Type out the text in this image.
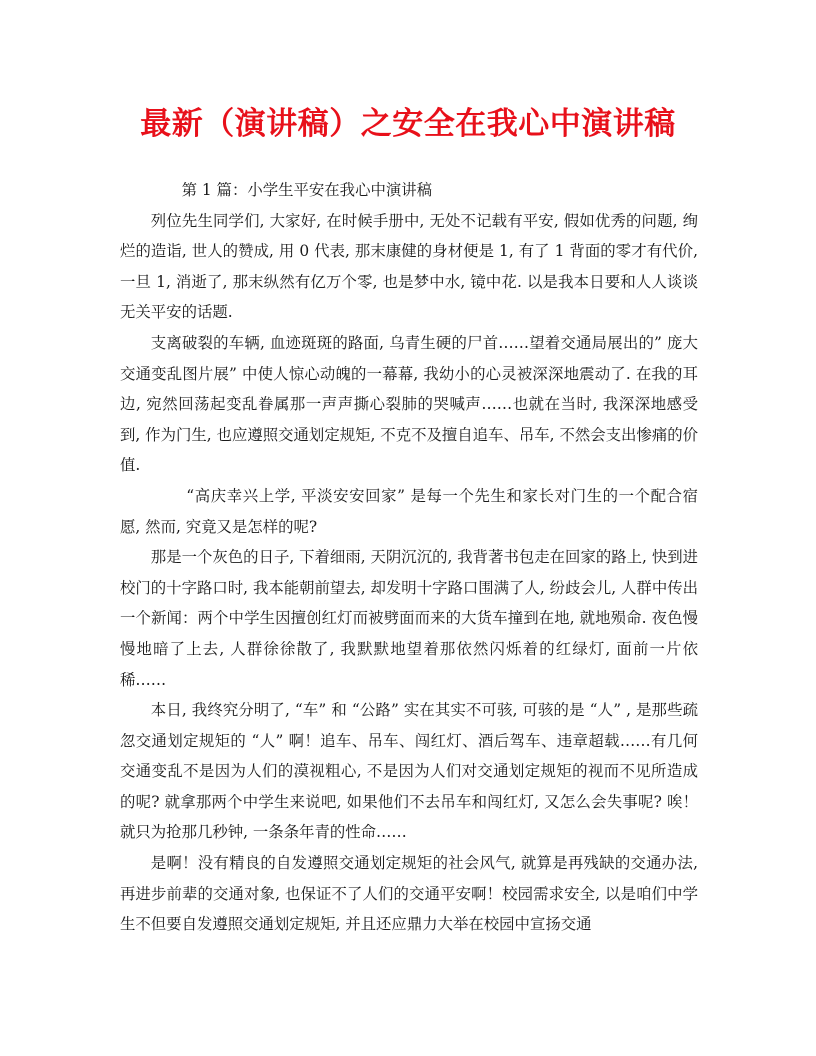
最新（演讲稿）之安全在我心中演讲稿

第 1 篇：小学生平安在我心中演讲稿

列位先生同学们, 大家好, 在时候手册中, 无处不记载有平安, 假如优秀的问题, 绚烂的造诣, 世人的赞成, 用 0 代表, 那末康健的身材便是 1, 有了 1 背面的零才有代价, 一旦 1, 消逝了, 那末纵然有亿万个零, 也是梦中水, 镜中花. 以是我本日要和人人谈谈无关平安的话题.

支离破裂的车辆, 血迹斑斑的路面, 乌青生硬的尸首……望着交通局展出的” 庞大交通变乱图片展” 中使人惊心动魄的一幕幕, 我幼小的心灵被深深地震动了. 在我的耳边, 宛然回荡起变乱眷属那一声声撕心裂肺的哭喊声……也就在当时, 我深深地感受到, 作为门生, 也应遵照交通划定规矩, 不克不及擅自追车、吊车, 不然会支出惨痛的价值.

“高庆幸兴上学, 平淡安安回家” 是每一个先生和家长对门生的一个配合宿愿, 然而, 究竟又是怎样的呢?

那是一个灰色的日子, 下着细雨, 天阴沉沉的, 我背著书包走在回家的路上, 快到进校门的十字路口时, 我本能朝前望去, 却发明十字路口围满了人, 纷歧会儿, 人群中传出一个新闻：两个中学生因擅创红灯而被劈面而来的大货车撞到在地, 就地殒命. 夜色慢慢地暗了上去, 人群徐徐散了, 我默默地望着那依然闪烁着的红绿灯, 面前一片依稀……

本日, 我终究分明了, “车” 和 “公路” 实在其实不可骇, 可骇的是 “人” , 是那些疏忽交通划定规矩的 “人” 啊！追车、吊车、闯红灯、酒后驾车、违章超载……有几何交通变乱不是因为人们的漠视粗心, 不是因为人们对交通划定规矩的视而不见所造成的呢? 就拿那两个中学生来说吧, 如果他们不去吊车和闯红灯, 又怎么会失事呢? 唉！就只为抢那几秒钟, 一条条年青的性命……

是啊！没有精良的自发遵照交通划定规矩的社会风气, 就算是再残缺的交通办法, 再进步前辈的交通对象, 也保证不了人们的交通平安啊！校园需求安全, 以是咱们中学生不但要自发遵照交通划定规矩, 并且还应鼎力大举在校园中宣扬交通
